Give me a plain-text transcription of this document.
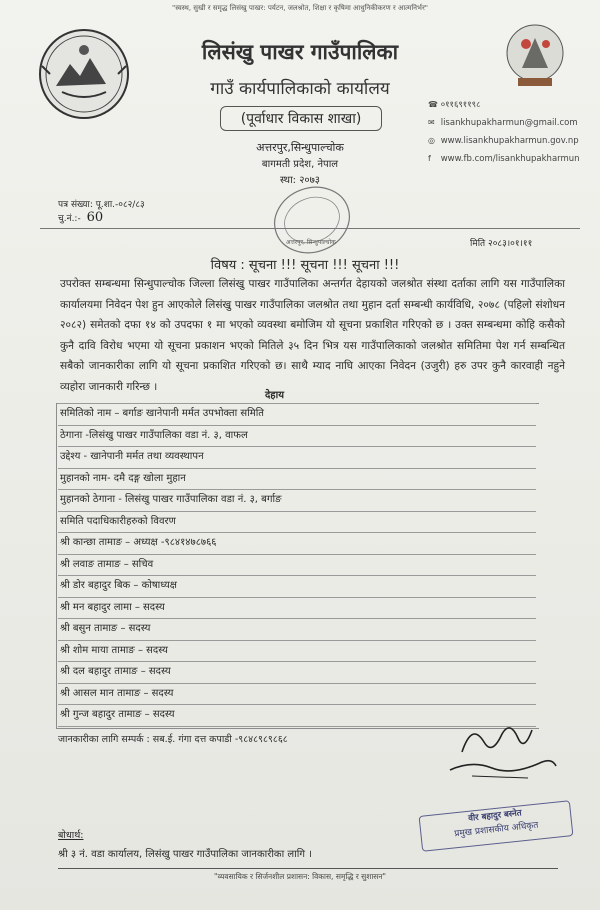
"स्वस्थ, सुखी र समृद्ध लिसंखु पाखर: पर्यटन, जलश्रोत, शिक्षा र कृषिमा आधुनिकीकरण र आत्मनिर्भर"
लिसंखु पाखर गाउँपालिका
गाउँ कार्यपालिकाको कार्यालय
(पूर्वाधार विकास शाखा)
अत्तरपुर,सिन्धुपाल्चोक
बागमती प्रदेश, नेपाल
स्था: २०७३
☎ ०११६९११९८
✉ lisankhupakharmun@gmail.com
◎ www.lisankhupakharmun.gov.np
f www.fb.com/lisankhupakharmun
पत्र संख्या: पू.शा.-०८२/८३
चु.नं.:- 60
अत्तरपुर, सिन्धुपाल्चोक	मिति २०८३।०१।११
विषय : सूचना !!! सूचना !!! सूचना !!!

उपरोक्त सम्बन्धमा सिन्धुपाल्चोक जिल्ला लिसंखु पाखर गाउँपालिका अन्तर्गत देहायको जलश्रोत संस्था दर्ताका लागि यस गाउँपालिका कार्यालयमा निवेदन पेश हुन आएकोले लिसंखु पाखर गाउँपालिका जलश्रोत तथा मुहान दर्ता सम्बन्धी कार्यविधि, २०७८ (पहिलो संशोधन २०८२) समेतको दफा १४ को उपदफा १ मा भएको व्यवस्था बमोजिम यो सूचना प्रकाशित गरिएको छ । उक्त सम्बन्धमा कोहि कसैको कुनै दावि विरोध भएमा यो सूचना प्रकाशन भएको मितिले ३५ दिन भित्र यस गाउँपालिकाको जलश्रोत समितिमा पेश गर्न सम्बन्धित सबैको जानकारीका लागि यो सूचना प्रकाशित गरिएको छ। साथै म्याद नाघि आएका निवेदन (उजुरी) हरु उपर कुनै कारवाही नहुने व्यहोरा जानकारी गरिन्छ ।

देहाय
समितिको नाम – बर्गाङ खानेपानी मर्मत उपभोक्ता समिति
ठेगाना -लिसंखु पाखर गाउँपालिका वडा नं. ३, वाफल
उद्देश्य - खानेपानी मर्मत तथा व्यवस्थापन
मुहानको नाम- दमै दङ्ग खोला मुहान
मुहानको ठेगाना - लिसंखु पाखर गाउँपालिका वडा नं. ३, बर्गाङ
समिति पदाधिकारीहरुको विवरण
श्री कान्छा तामाङ – अध्यक्ष -९८४१४७८७६६
श्री लवाङ तामाङ – सचिव
श्री डोर बहादुर बिक – कोषाध्यक्ष
श्री मन बहादुर लामा – सदस्य
श्री बसुन तामाङ – सदस्य
श्री शोम माया तामाङ – सदस्य
श्री दल बहादुर तामाङ – सदस्य
श्री आसल मान तामाङ – सदस्य
श्री गुन्ज बहादुर तामाङ – सदस्य
जानकारीका लागि सम्पर्क : सब.ई. गंगा दत्त कपाडी -९८४८९८९८६८
वीर बहादुर बस्नेत
प्रमुख प्रशासकीय अधिकृत
बोधार्थ:
श्री ३ नं. वडा कार्यालय, लिसंखु पाखर गाउँपालिका जानकारीका लागि ।
"व्यवसायिक र सिर्जनशील प्रशासन: विकास, समृद्धि र सुशासन"
